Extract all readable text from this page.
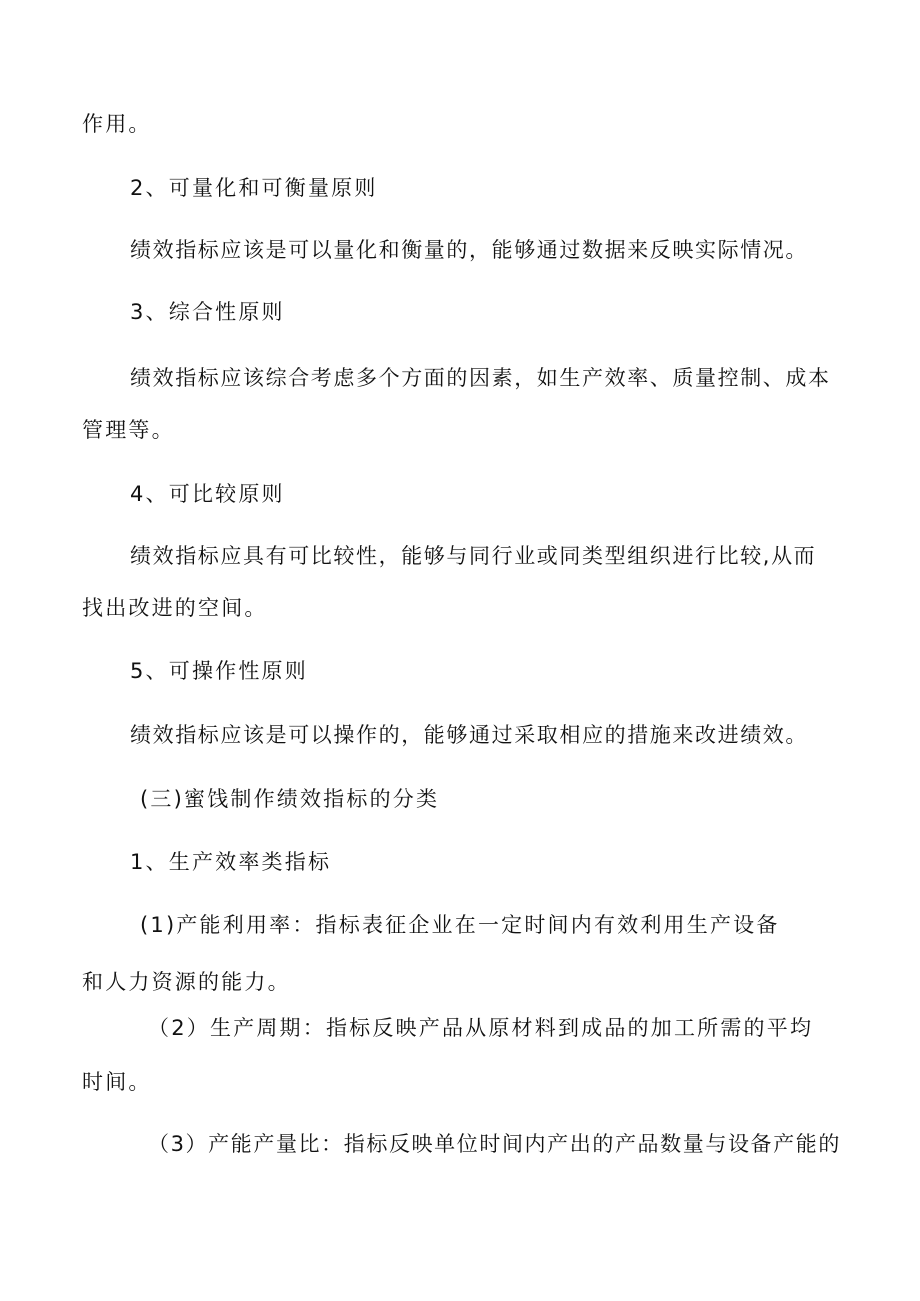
作用。
2、可量化和可衡量原则
绩效指标应该是可以量化和衡量的，能够通过数据来反映实际情况。
3、综合性原则
绩效指标应该综合考虑多个方面的因素，如生产效率、质量控制、成本
管理等。
4、可比较原则
绩效指标应具有可比较性，能够与同行业或同类型组织进行比较,从而
找出改进的空间。
5、可操作性原则
绩效指标应该是可以操作的，能够通过采取相应的措施来改进绩效。
(三)蜜饯制作绩效指标的分类
1、生产效率类指标
(1)产能利用率：指标表征企业在一定时间内有效利用生产设备
和人力资源的能力。
（2）生产周期：指标反映产品从原材料到成品的加工所需的平均
时间。
（3）产能产量比：指标反映单位时间内产出的产品数量与设备产能的
